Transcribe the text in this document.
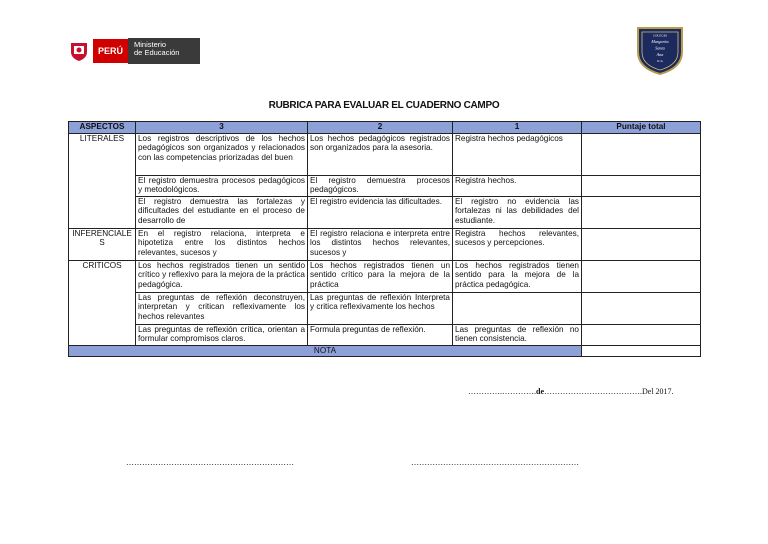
PERÚ
Ministerio
de Educación
COLEGIO
Margarita
Santa
Ana
ICA
RUBRICA PARA EVALUAR EL CUADERNO CAMPO
ASPECTOS	3	2	1	Puntaje total
LITERALES	Los registros descriptivos de los hechos pedagógicos son organizados y relacionados con las competencias priorizadas del buen	Los hechos pedagógicos registrados son organizados para la asesoria.	Registra hechos pedagógicos	
	El registro demuestra procesos pedagógicos y metodológicos.	El registro demuestra procesos pedagógicos.	Registra hechos.	

	El registro demuestra las fortalezas y dificultades del estudiante en el proceso de desarrollo de	El registro evidencia las dificultades.	El registro no evidencia las fortalezas ni las debilidades del estudiante.	

INFERENCIALES	En el registro relaciona, interpreta e hipotetiza entre los distintos hechos relevantes, sucesos y	El registro relaciona e interpreta entre los distintos hechos relevantes, sucesos y	Registra hechos relevantes, sucesos y percepciones.	
CRITICOS	Los hechos registrados tienen un sentido crítico y reflexivo para la mejora de la práctica pedagógica.	Los hechos registrados tienen un sentido crítico para la mejora de la práctica	Los hechos registrados tienen sentido para la mejora de la práctica pedagógica.	

	Las preguntas de reflexión deconstruyen, interpretan y critican reflexivamente los hechos relevantes	Las preguntas de reflexión Interpreta y critica reflexivamente los hechos		

	Las preguntas de reflexión crítica, orientan a formular compromisos claros.	Formula preguntas de reflexión.	Las preguntas de reflexión no tienen consistencia.	
NOTA				
………….………….de……………………………….Del 2017.
………………………………………………………	………………………………………………………
